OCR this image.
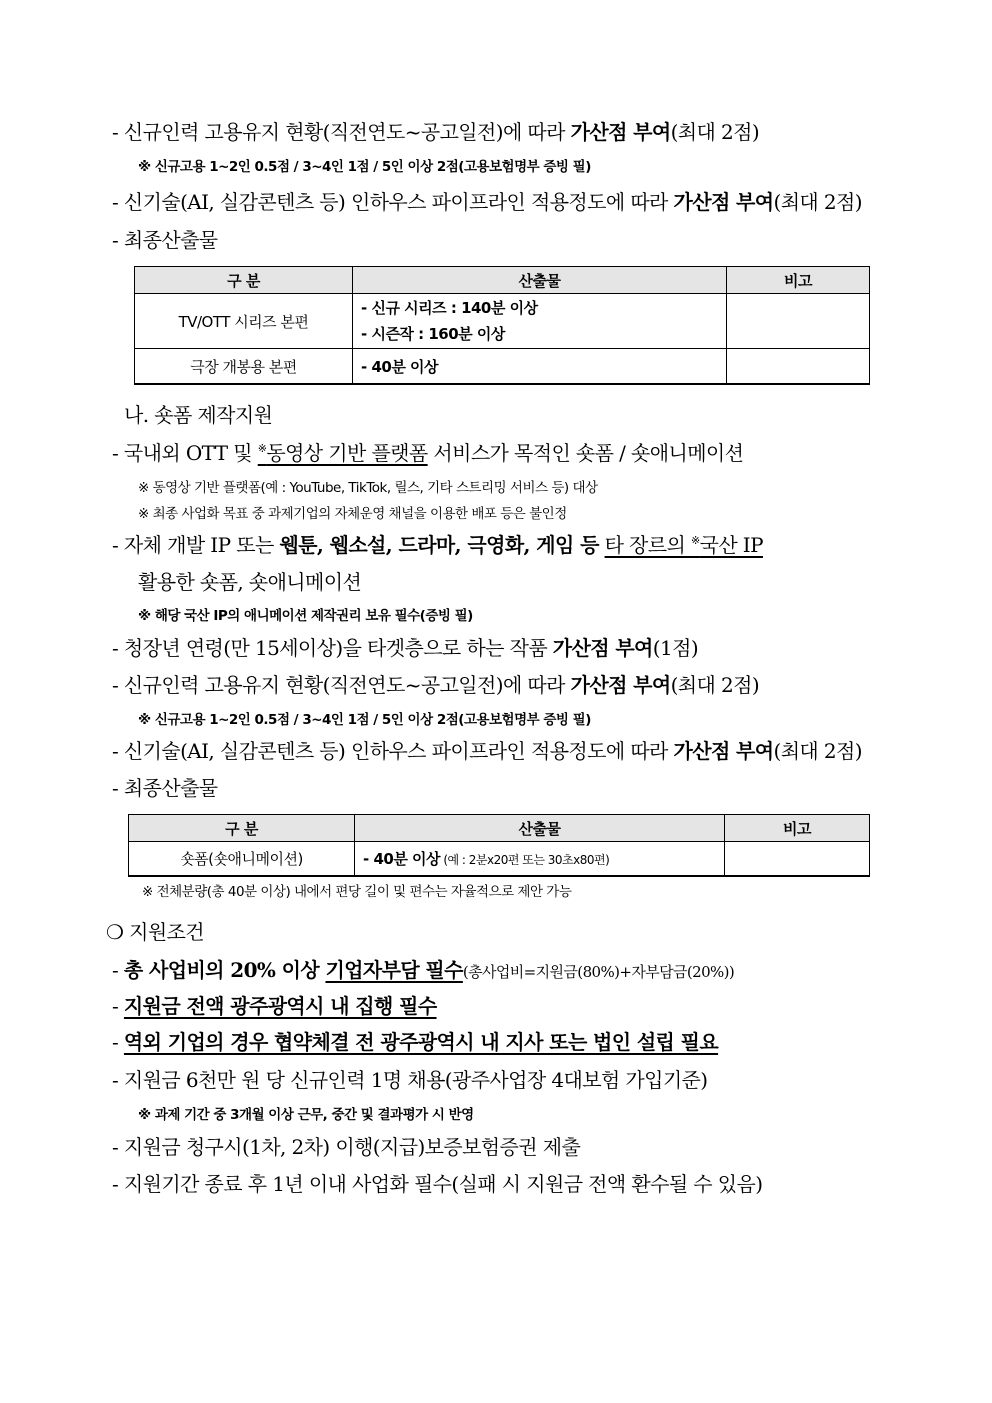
- 신규인력 고용유지 현황(직전연도~공고일전)에 따라 가산점 부여(최대 2점)
※ 신규고용 1~2인 0.5점 / 3~4인 1점 / 5인 이상 2점(고용보험명부 증빙 필)
- 신기술(AI, 실감콘텐츠 등) 인하우스 파이프라인 적용정도에 따라 가산점 부여(최대 2점)
- 최종산출물
구 분	산출물	비고
TV/OTT 시리즈 본편	- 신규 시리즈 : 140분 이상
- 시즌작 : 160분 이상	

극장 개봉용 본편	- 40분 이상	
나. 숏폼 제작지원
- 국내외 OTT 및 ※동영상 기반 플랫폼 서비스가 목적인 숏폼 / 숏애니메이션
※ 동영상 기반 플랫폼(예 : YouTube, TikTok, 릴스, 기타 스트리밍 서비스 등) 대상
※ 최종 사업화 목표 중 과제기업의 자체운영 채널을 이용한 배포 등은 불인정
- 자체 개발 IP 또는 웹툰, 웹소설, 드라마, 극영화, 게임 등 타 장르의 ※국산 IP
활용한 숏폼, 숏애니메이션
※ 해당 국산 IP의 애니메이션 제작권리 보유 필수(증빙 필)
- 청장년 연령(만 15세이상)을 타겟층으로 하는 작품 가산점 부여(1점)
- 신규인력 고용유지 현황(직전연도~공고일전)에 따라 가산점 부여(최대 2점)
※ 신규고용 1~2인 0.5점 / 3~4인 1점 / 5인 이상 2점(고용보험명부 증빙 필)
- 신기술(AI, 실감콘텐츠 등) 인하우스 파이프라인 적용정도에 따라 가산점 부여(최대 2점)
- 최종산출물
구 분	산출물	비고
숏폼(숏애니메이션)	- 40분 이상 (예 : 2분x20편 또는 30초x80편)	
※ 전체분량(총 40분 이상) 내에서 편당 길이 및 편수는 자율적으로 제안 가능
❍ 지원조건
- 총 사업비의 20% 이상 기업자부담 필수(총사업비=지원금(80%)+자부담금(20%))
- 지원금 전액 광주광역시 내 집행 필수
- 역외 기업의 경우 협약체결 전 광주광역시 내 지사 또는 법인 설립 필요
- 지원금 6천만 원 당 신규인력 1명 채용(광주사업장 4대보험 가입기준)
※ 과제 기간 중 3개월 이상 근무, 중간 및 결과평가 시 반영
- 지원금 청구시(1차, 2차) 이행(지급)보증보험증권 제출
- 지원기간 종료 후 1년 이내 사업화 필수(실패 시 지원금 전액 환수될 수 있음)
